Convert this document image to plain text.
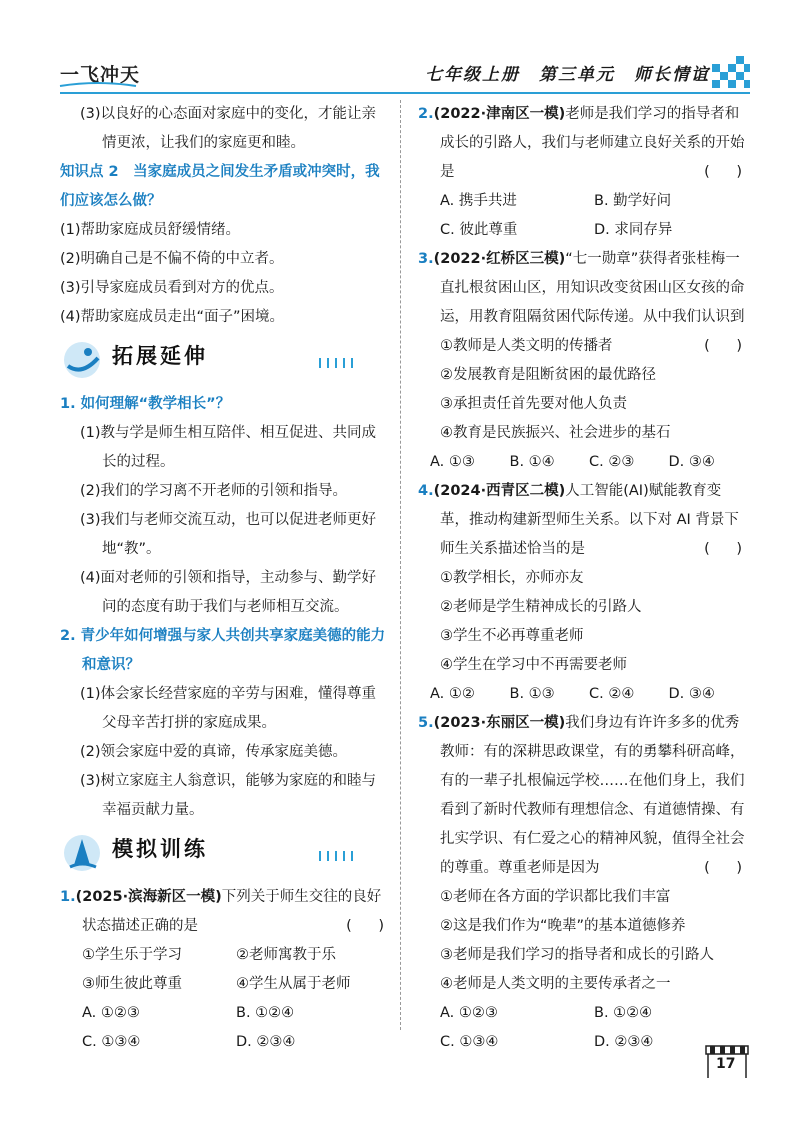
一飞冲天	七年级上册　第三单元　师长情谊

(3)以良好的心态面对家庭中的变化，才能让亲情更浓，让我们的家庭更和睦。

知识点 2　当家庭成员之间发生矛盾或冲突时，我们应该怎么做？

(1)帮助家庭成员舒缓情绪。

(2)明确自己是不偏不倚的中立者。

(3)引导家庭成员看到对方的优点。

(4)帮助家庭成员走出“面子”困境。

拓展延伸

1. 如何理解“教学相长”？

(1)教与学是师生相互陪伴、相互促进、共同成长的过程。

(2)我们的学习离不开老师的引领和指导。

(3)我们与老师交流互动，也可以促进老师更好地“教”。

(4)面对老师的引领和指导，主动参与、勤学好问的态度有助于我们与老师相互交流。

2. 青少年如何增强与家人共创共享家庭美德的能力和意识？

(1)体会家长经营家庭的辛劳与困难，懂得尊重父母辛苦打拼的家庭成果。

(2)领会家庭中爱的真谛，传承家庭美德。

(3)树立家庭主人翁意识，能够为家庭的和睦与幸福贡献力量。

模拟训练

1.(2025·滨海新区一模)下列关于师生交往的良好状态描述正确的是	(　)

①学生乐于学习	②老师寓教于乐
③师生彼此尊重	④学生从属于老师
A. ①②③	B. ①②④
C. ①③④	D. ②③④

2.(2022·津南区一模)老师是我们学习的指导者和成长的引路人，我们与老师建立良好关系的开始是	(　)

A. 携手共进	B. 勤学好问
C. 彼此尊重	D. 求同存异

3.(2022·红桥区三模)“七一勋章”获得者张桂梅一直扎根贫困山区，用知识改变贫困山区女孩的命运，用教育阻隔贫困代际传递。从中我们认识到
(　)

①教师是人类文明的传播者

②发展教育是阻断贫困的最优路径

③承担责任首先要对他人负责

④教育是民族振兴、社会进步的基石

A. ①③	B. ①④	C. ②③	D. ③④

4.(2024·西青区二模)人工智能(AI)赋能教育变革，推动构建新型师生关系。以下对 AI 背景下师生关系描述恰当的是	(　)

①教学相长，亦师亦友

②老师是学生精神成长的引路人

③学生不必再尊重老师

④学生在学习中不再需要老师

A. ①②	B. ①③	C. ②④	D. ③④

5.(2023·东丽区一模)我们身边有许许多多的优秀教师：有的深耕思政课堂，有的勇攀科研高峰，有的一辈子扎根偏远学校……在他们身上，我们看到了新时代教师有理想信念、有道德情操、有扎实学识、有仁爱之心的精神风貌，值得全社会的尊重。尊重老师是因为	(　)

①老师在各方面的学识都比我们丰富

②这是我们作为“晚辈”的基本道德修养

③老师是我们学习的指导者和成长的引路人

④老师是人类文明的主要传承者之一

A. ①②③	B. ①②④
C. ①③④	D. ②③④
17
